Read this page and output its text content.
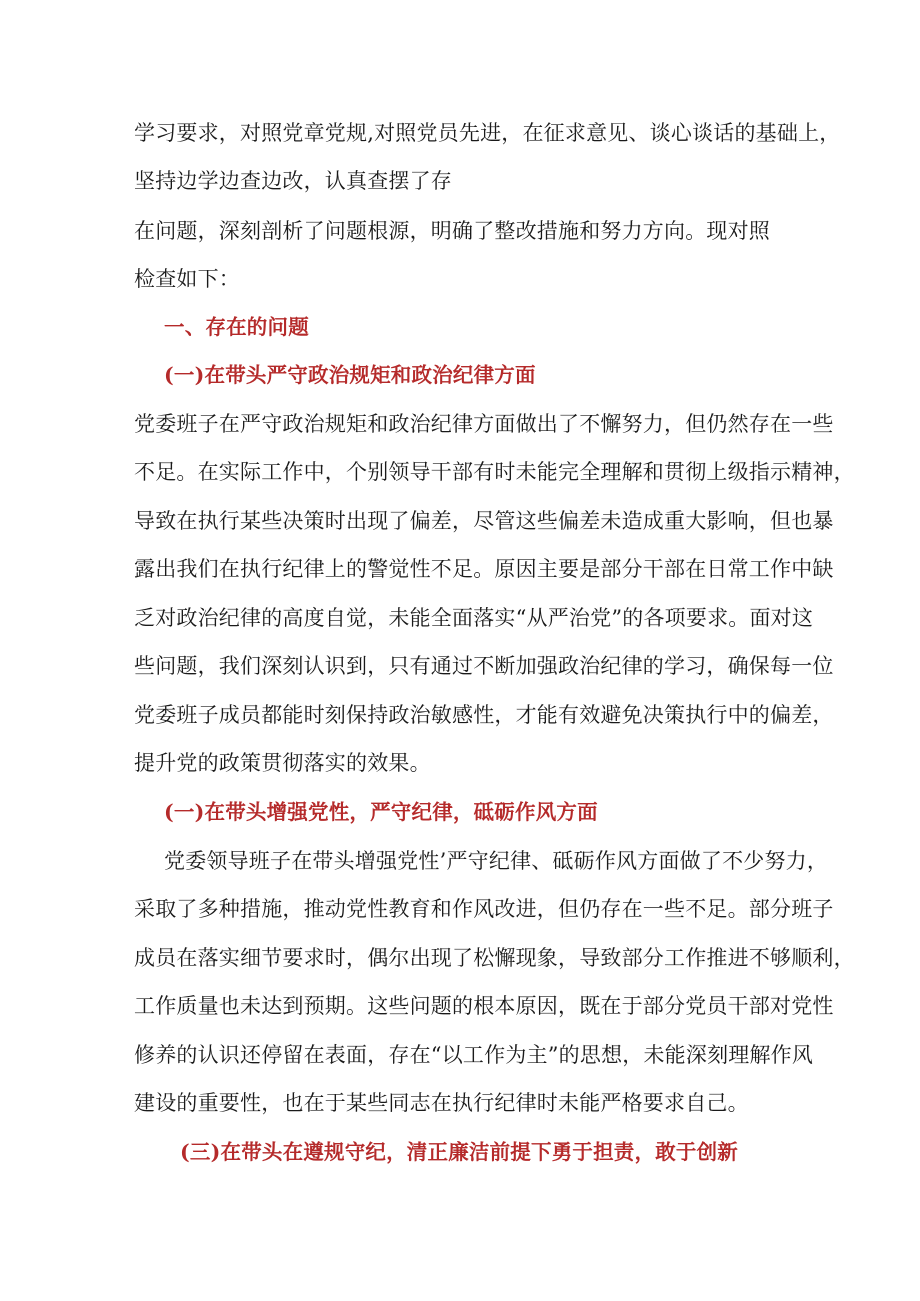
学习要求，对照党章党规,对照党员先进，在征求意见、谈心谈话的基础上，

坚持边学边查边改，认真查摆了存

在问题，深刻剖析了问题根源，明确了整改措施和努力方向。现对照

检查如下：

一、存在的问题

(一)在带头严守政治规矩和政治纪律方面

党委班子在严守政治规矩和政治纪律方面做出了不懈努力，但仍然存在一些

不足。在实际工作中，个别领导干部有时未能完全理解和贯彻上级指示精神，

导致在执行某些决策时出现了偏差，尽管这些偏差未造成重大影响，但也暴

露出我们在执行纪律上的警觉性不足。原因主要是部分干部在日常工作中缺

乏对政治纪律的高度自觉，未能全面落实“从严治党”的各项要求。面对这

些问题，我们深刻认识到，只有通过不断加强政治纪律的学习，确保每一位

党委班子成员都能时刻保持政治敏感性，才能有效避免决策执行中的偏差，

提升党的政策贯彻落实的效果。

(一)在带头增强党性，严守纪律，砥砺作风方面

党委领导班子在带头增强党性’严守纪律、砥砺作风方面做了不少努力，

采取了多种措施，推动党性教育和作风改进，但仍存在一些不足。部分班子

成员在落实细节要求时，偶尔出现了松懈现象，导致部分工作推进不够顺利，

工作质量也未达到预期。这些问题的根本原因，既在于部分党员干部对党性

修养的认识还停留在表面，存在“以工作为主”的思想，未能深刻理解作风

建设的重要性，也在于某些同志在执行纪律时未能严格要求自己。

(三)在带头在遵规守纪，清正廉洁前提下勇于担责，敢于创新
